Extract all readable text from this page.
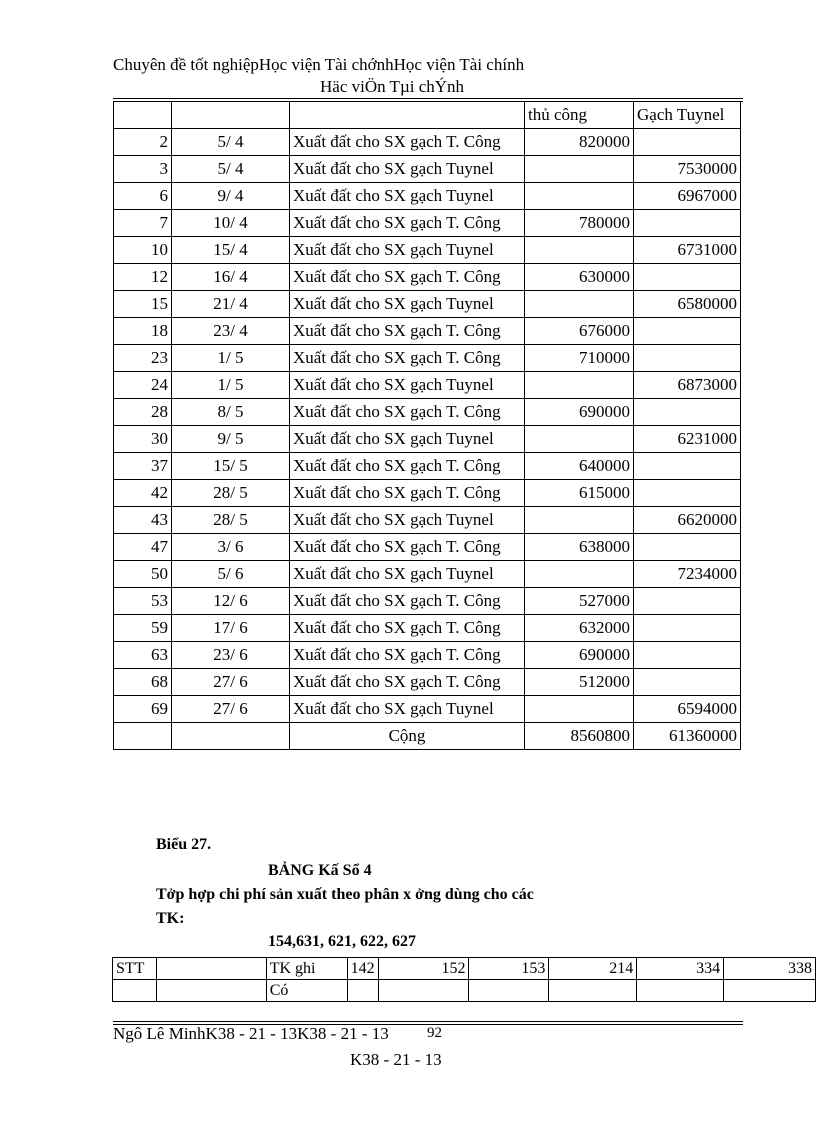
Chuyên đề tốt nghiệpHọc viện Tài chớnhHọc viện Tài chính
Häc viÖn Tµi chÝnh
			thủ công	Gạch Tuynel
2	5/ 4	Xuất đất cho SX gạch T. Công	820000	
3	5/ 4	Xuất đất cho SX gạch Tuynel		7530000
6	9/ 4	Xuất đất cho SX gạch Tuynel		6967000
7	10/ 4	Xuất đất cho SX gạch T. Công	780000	
10	15/ 4	Xuất đất cho SX gạch Tuynel		6731000
12	16/ 4	Xuất đất cho SX gạch T. Công	630000	
15	21/ 4	Xuất đất cho SX gạch Tuynel		6580000
18	23/ 4	Xuất đất cho SX gạch T. Công	676000	
23	1/ 5	Xuất đất cho SX gạch T. Công	710000	
24	1/ 5	Xuất đất cho SX gạch Tuynel		6873000
28	8/ 5	Xuất đất cho SX gạch T. Công	690000	
30	9/ 5	Xuất đất cho SX gạch Tuynel		6231000
37	15/ 5	Xuất đất cho SX gạch T. Công	640000	
42	28/ 5	Xuất đất cho SX gạch T. Công	615000	
43	28/ 5	Xuất đất cho SX gạch Tuynel		6620000
47	3/ 6	Xuất đất cho SX gạch T. Công	638000	
50	5/ 6	Xuất đất cho SX gạch Tuynel		7234000
53	12/ 6	Xuất đất cho SX gạch T. Công	527000	
59	17/ 6	Xuất đất cho SX gạch T. Công	632000	
63	23/ 6	Xuất đất cho SX gạch T. Công	690000	
68	27/ 6	Xuất đất cho SX gạch T. Công	512000	
69	27/ 6	Xuất đất cho SX gạch Tuynel		6594000
		Cộng	8560800	61360000
Biểu 27.
BẢNG Kấ Sổ 4
Tởp hợp chi phí sản xuất theo phân x ởng dùng cho các
TK:
154,631, 621, 622, 627
STT		TK ghi	142	152	153	214	334	338
		Có						
Ngô Lê MinhK38 - 21 - 13K38 - 21 - 13	92
K38 - 21 - 13
